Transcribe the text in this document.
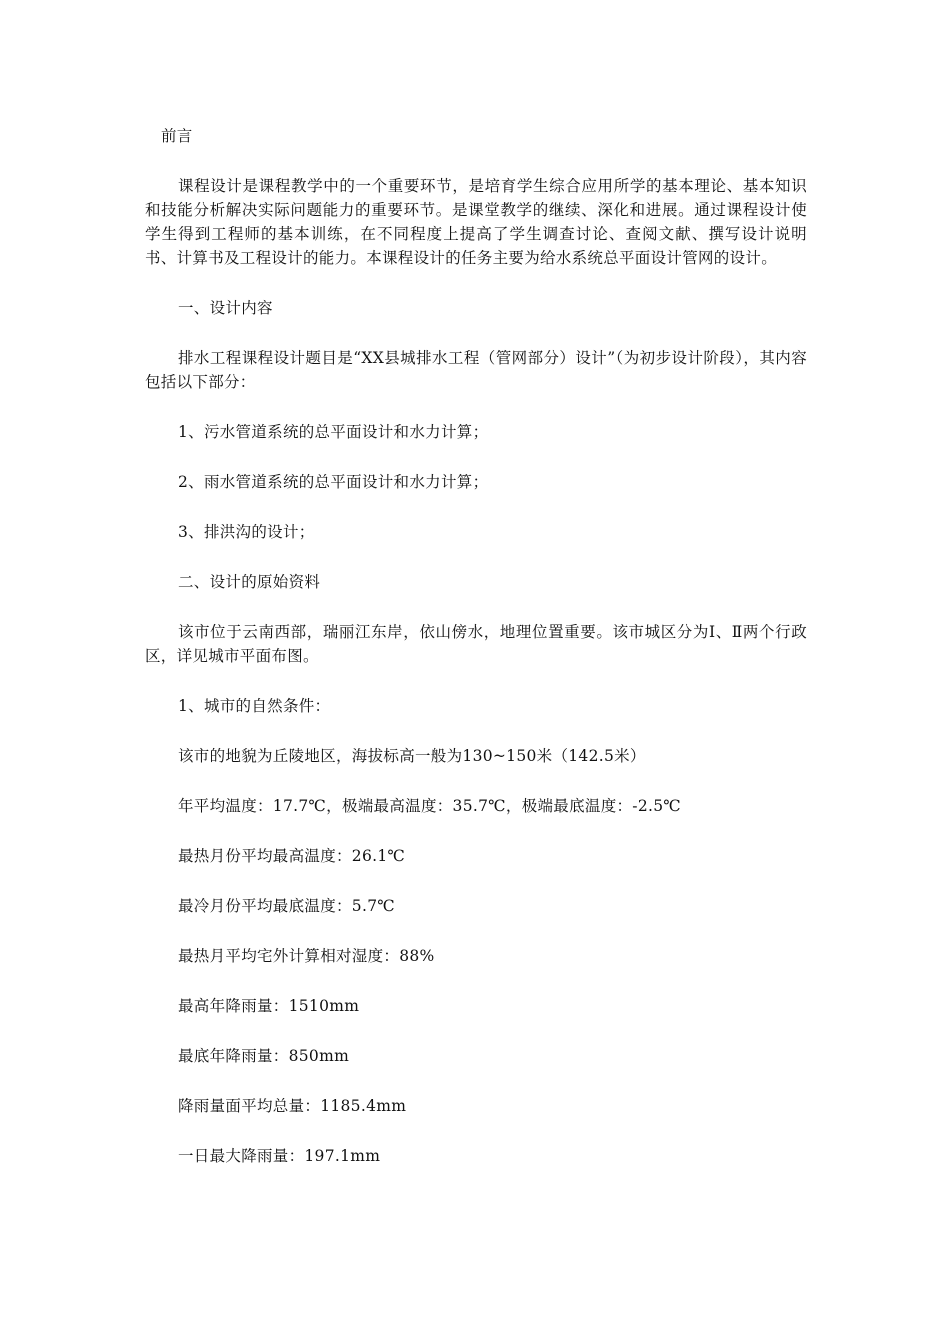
前言

课程设计是课程教学中的一个重要环节，是培育学生综合应用所学的基本理论、基本知识和技能分析解决实际问题能力的重要环节。是课堂教学的继续、深化和进展。通过课程设计使学生得到工程师的基本训练，在不同程度上提高了学生调查讨论、查阅文献、撰写设计说明书、计算书及工程设计的能力。本课程设计的任务主要为给水系统总平面设计管网的设计。

一、设计内容

排水工程课程设计题目是“XX县城排水工程（管网部分）设计”（为初步设计阶段），其内容包括以下部分：

1、污水管道系统的总平面设计和水力计算；

2、雨水管道系统的总平面设计和水力计算；

3、排洪沟的设计；

二、设计的原始资料

该市位于云南西部，瑞丽江东岸，依山傍水，地理位置重要。该市城区分为Ⅰ、Ⅱ两个行政区，详见城市平面布图。

1、城市的自然条件：

该市的地貌为丘陵地区，海拔标高一般为130~150米（142.5米）

年平均温度：17.7℃，极端最高温度：35.7℃，极端最底温度：-2.5℃

最热月份平均最高温度：26.1℃

最冷月份平均最底温度：5.7℃

最热月平均宅外计算相对湿度：88%

最高年降雨量：1510mm

最底年降雨量：850mm

降雨量面平均总量：1185.4mm

一日最大降雨量：197.1mm
